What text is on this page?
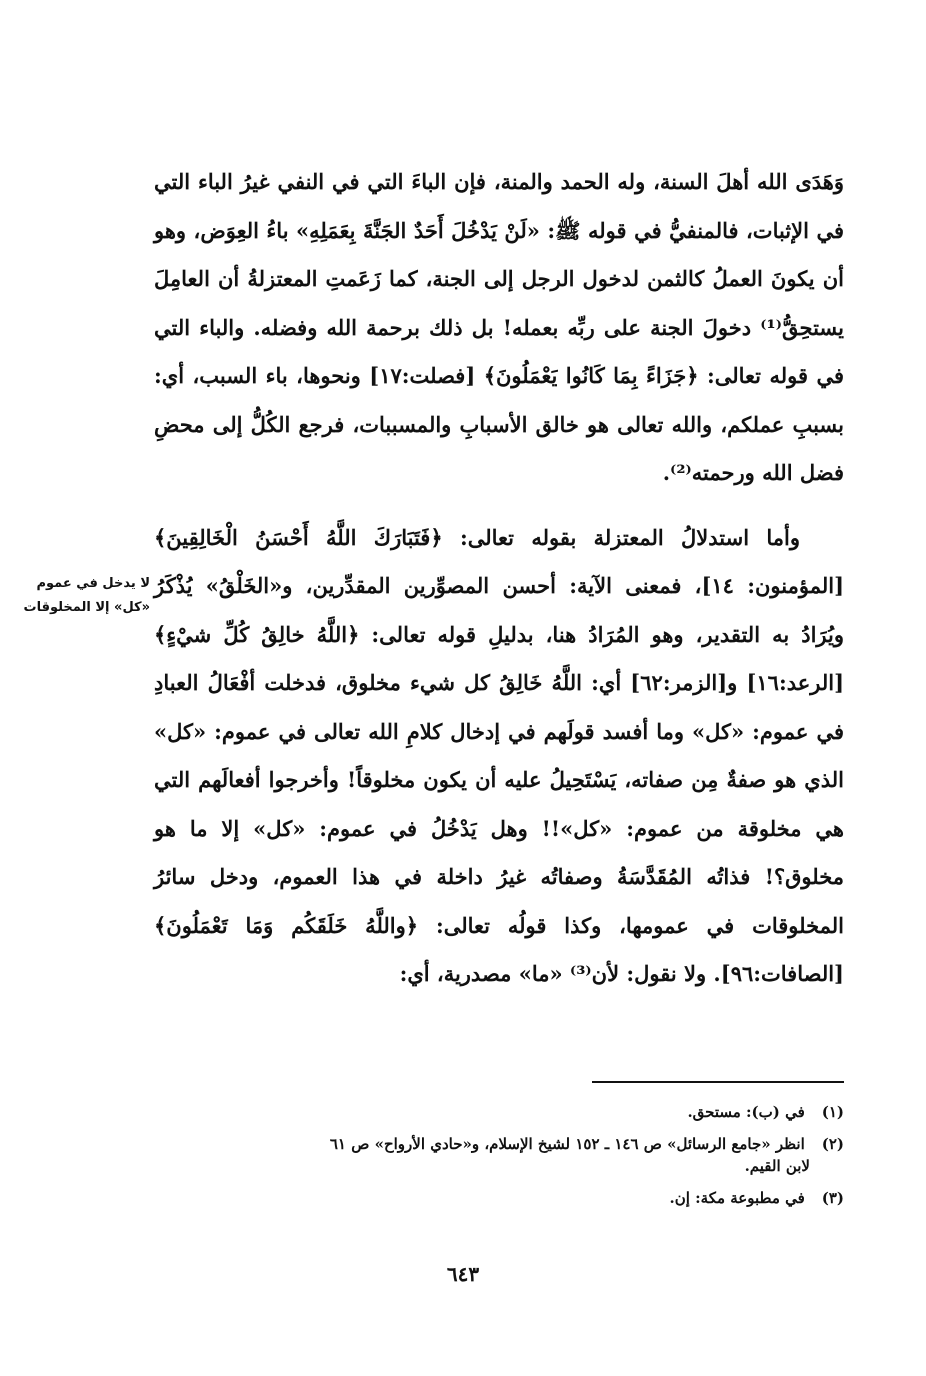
لا يدخل في عموم
«كل» إلا المخلوقات

وَهَدَى الله أهلَ السنة، وله الحمد والمنة، فإن الباءَ التي في النفي غيرُ الباء التي في الإثبات، فالمنفيُّ في قوله ﷺ: «لَنْ يَدْخُلَ أَحَدٌ الجَنَّةَ بِعَمَلِهِ» باءُ العِوَض، وهو أن يكونَ العملُ كالثمن لدخول الرجل إلى الجنة، كما زَعَمتِ المعتزلةُ أن العامِلَ يستحِقُّ⁽¹⁾ دخولَ الجنة على ربِّه بعمله! بل ذلك برحمة الله وفضله. والباء التي في قوله تعالى: ﴿جَزَاءً بِمَا كَانُوا يَعْمَلُونَ﴾ [فصلت:١٧] ونحوها، باء السبب، أي: بسببِ عملكم، والله تعالى هو خالق الأسبابِ والمسببات، فرجع الكُلُّ إلى محضِ فضل الله ورحمته⁽²⁾.

وأما استدلالُ المعتزلة بقوله تعالى: ﴿فَتَبَارَكَ اللَّهُ أَحْسَنُ الْخَالِقِينَ﴾ [المؤمنون: ١٤]، فمعنى الآية: أحسن المصوِّرين المقدِّرين، و«الخَلْقُ» يُذْكَرُ ويُرَادُ به التقدير، وهو المُرَادُ هنا، بدليلِ قوله تعالى: ﴿اللَّهُ خالِقُ كُلِّ شيْءٍ﴾ [الرعد:١٦] و[الزمر:٦٢] أي: اللَّهُ خَالِقُ كل شيء مخلوق، فدخلت أفْعَالُ العبادِ في عموم: «كل» وما أفسد قولَهم في إدخال كلامِ الله تعالى في عموم: «كل» الذي هو صفةٌ مِن صفاته، يَسْتَحِيلُ عليه أن يكون مخلوقاً! وأخرجوا أفعالَهم التي هي مخلوقة من عموم: «كل»!! وهل يَدْخُلُ في عموم: «كل» إلا ما هو مخلوق؟! فذاتُه المُقَدَّسَةُ وصفاتُه غيرُ داخلة في هذا العموم، ودخل سائرُ المخلوقات في عمومها، وكذا قولُه تعالى: ﴿واللَّهُ خَلَقَكُم وَمَا تَعْمَلُونَ﴾ [الصافات:٩٦]. ولا نقول: لأن⁽³⁾ «ما» مصدرية، أي:

(١) في (ب): مستحق.
(٢) انظر «جامع الرسائل» ص ١٤٦ ـ ١٥٢ لشيخ الإسلام، و«حادي الأرواح» ص ٦١
لابن القيم.
(٣) في مطبوعة مكة: إن.
٦٤٣
